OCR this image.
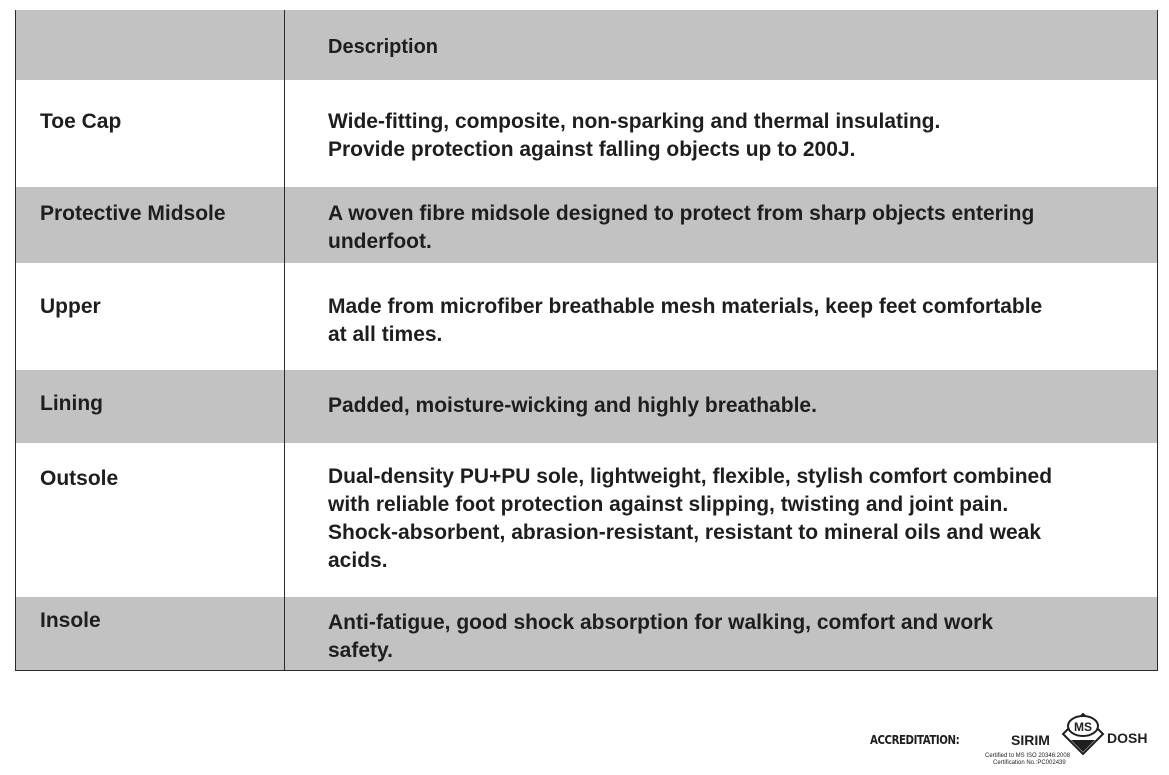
Description
Toe Cap	Wide-fitting, composite, non-sparking and thermal insulating.
Provide protection against falling objects up to 200J.
Protective Midsole	A woven fibre midsole designed to protect from sharp objects entering
underfoot.
Upper	Made from microfiber breathable mesh materials, keep feet comfortable
at all times.
Lining	Padded, moisture-wicking and highly breathable.
Outsole	Dual-density PU+PU sole, lightweight, flexible, stylish comfort combined
with reliable foot protection against slipping, twisting and joint pain.
Shock-absorbent, abrasion-resistant, resistant to mineral oils and weak
acids.
Insole	Anti-fatigue, good shock absorption for walking, comfort and work
safety.
ACCREDITATION:	SIRIM
MS
DOSH
Certified to MS ISO 20346:2008
Certification No.:PC002439
